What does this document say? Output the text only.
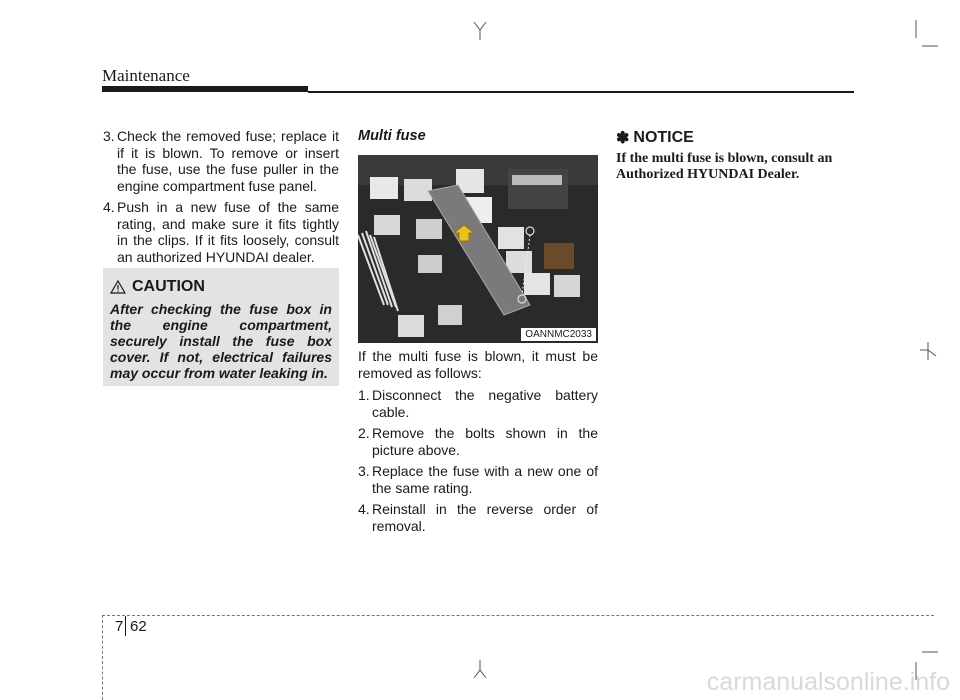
Maintenance
3. Check the removed fuse; replace it if it is blown. To remove or insert the fuse, use the fuse puller in the engine compartment fuse panel.
4. Push in a new fuse of the same rating, and make sure it fits tightly in the clips. If it fits loosely, consult an authorized HYUNDAI dealer.
CAUTION
After checking the fuse box in the engine compartment, securely install the fuse box cover. If not, electrical failures may occur from water leaking in.
Multi fuse
OANNMC2033

If the multi fuse is blown, it must be removed as follows:

1. Disconnect the negative battery cable.
2. Remove the bolts shown in the picture above.
3. Replace the fuse with a new one of the same rating.
4. Reinstall in the reverse order of removal.
✽ NOTICE
If the multi fuse is blown, consult an Authorized HYUNDAI Dealer.
7 62
carmanualsonline.info
